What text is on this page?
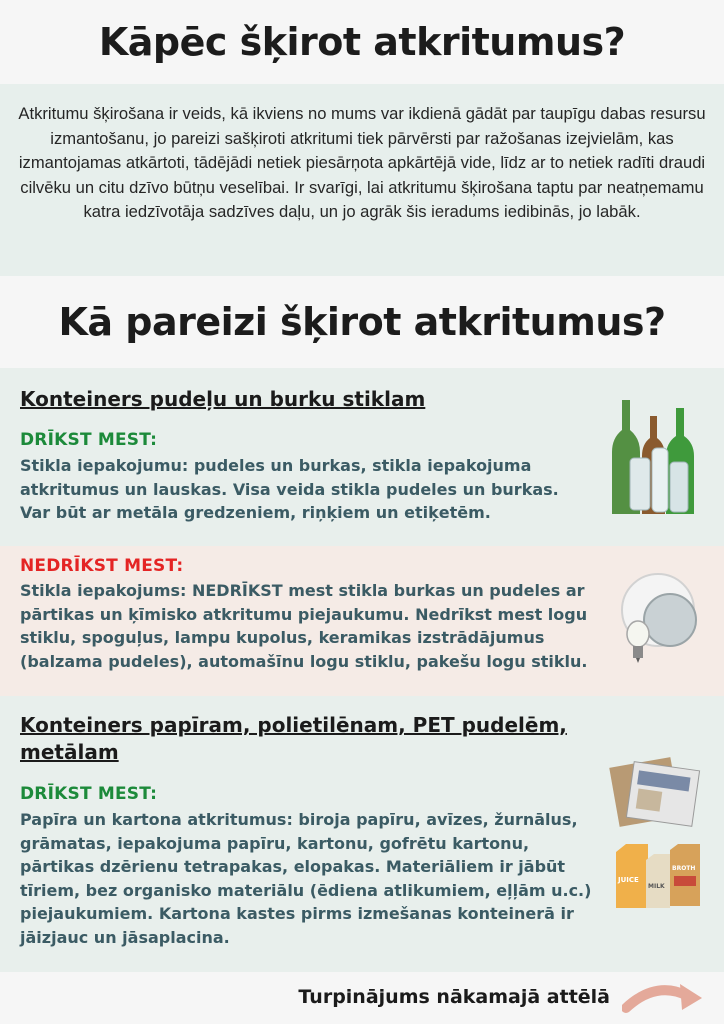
Kāpēc šķirot atkritumus?

Atkritumu šķirošana ir veids, kā ikviens no mums var ikdienā gādāt par taupīgu dabas resursu izmantošanu, jo pareizi sašķiroti atkritumi tiek pārvērsti par ražošanas izejvielām, kas izmantojamas atkārtoti, tādējādi netiek piesārņota apkārtējā vide, līdz ar to netiek radīti draudi cilvēku un citu dzīvo būtņu veselībai. Ir svarīgi, lai atkritumu šķirošana taptu par neatņemamu katra iedzīvotāja sadzīves daļu, un jo agrāk šis ieradums iedibinās, jo labāk.

Kā pareizi šķirot atkritumus?
Konteiners pudeļu un burku stiklam
DRĪKST MEST:
Stikla iepakojumu: pudeles un burkas, stikla iepakojuma atkritumus un lauskas. Visa veida stikla pudeles un burkas. Var būt ar metāla gredzeniem, riņķiem un etiķetēm.
NEDRĪKST MEST:
Stikla iepakojums: NEDRĪKST mest stikla burkas un pudeles ar pārtikas un ķīmisko atkritumu piejaukumu. Nedrīkst mest logu stiklu, spoguļus, lampu kupolus, keramikas izstrādājumus (balzama pudeles), automašīnu logu stiklu, pakešu logu stiklu.
Konteiners papīram, polietilēnam, PET pudelēm,
metālam
DRĪKST MEST:
Papīra un kartona atkritumus: biroja papīru, avīzes, žurnālus, grāmatas, iepakojuma papīru, kartonu, gofrētu kartonu, pārtikas dzērienu tetrapakas, elopakas. Materiāliem ir jābūt tīriem, bez organisko materiālu (ēdiena atlikumiem, eļļām u.c.) piejaukumiem. Kartona kastes pirms izmešanas konteinerā ir jāizjauc un jāsaplacina.
JUICE
MILK
BROTH
Turpinājums nākamajā attēlā
